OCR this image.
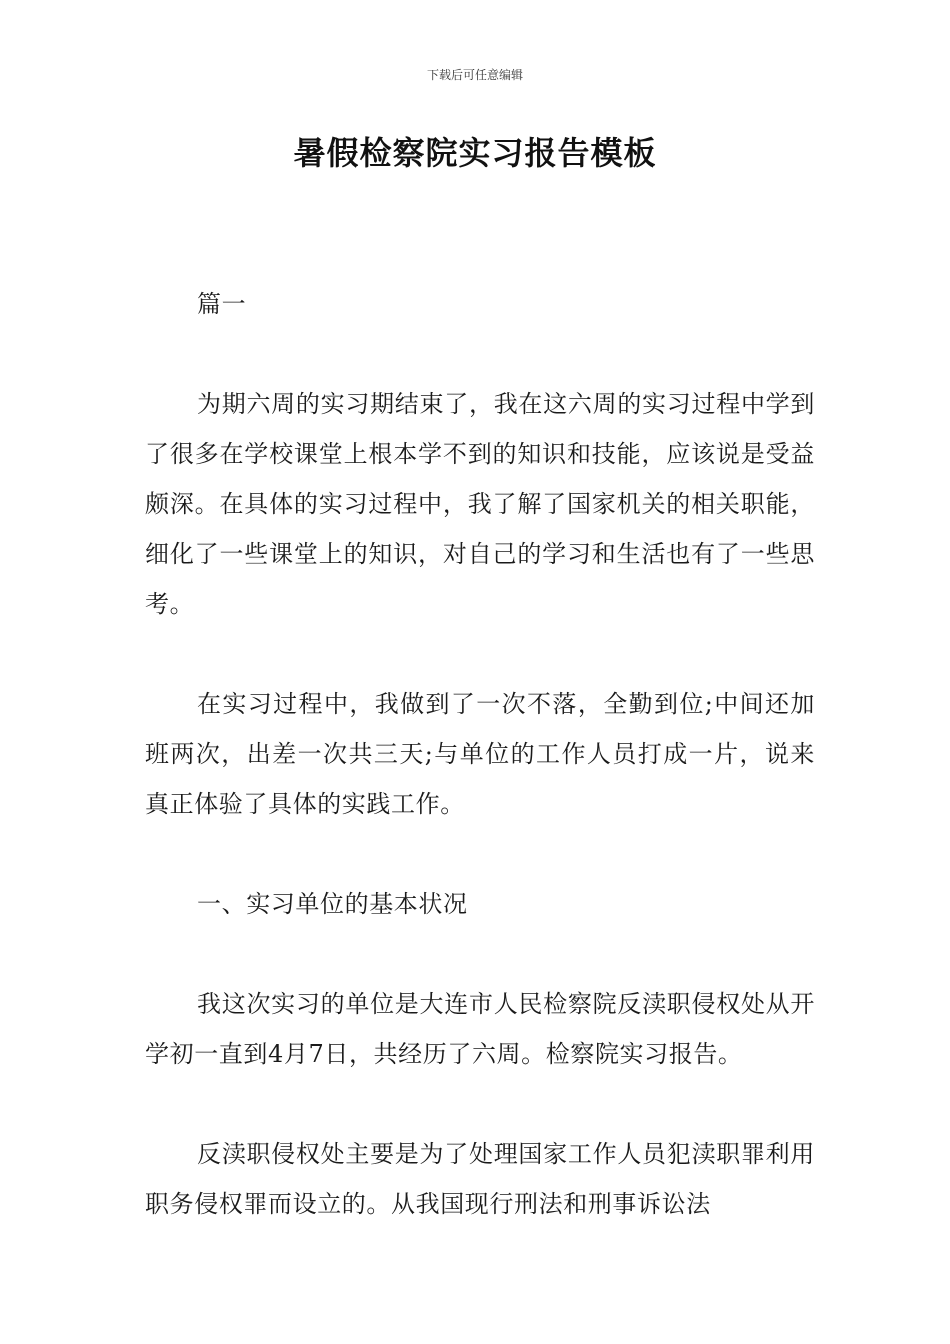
下载后可任意编辑
暑假检察院实习报告模板

篇一

为期六周的实习期结束了，我在这六周的实习过程中学到了很多在学校课堂上根本学不到的知识和技能，应该说是受益颇深。在具体的实习过程中，我了解了国家机关的相关职能，细化了一些课堂上的知识，对自己的学习和生活也有了一些思考。

在实习过程中，我做到了一次不落，全勤到位;中间还加班两次，出差一次共三天;与单位的工作人员打成一片，说来真正体验了具体的实践工作。

一、实习单位的基本状况

我这次实习的单位是大连市人民检察院反渎职侵权处从开学初一直到4月7日，共经历了六周。检察院实习报告。

反渎职侵权处主要是为了处理国家工作人员犯渎职罪利用职务侵权罪而设立的。从我国现行刑法和刑事诉讼法
